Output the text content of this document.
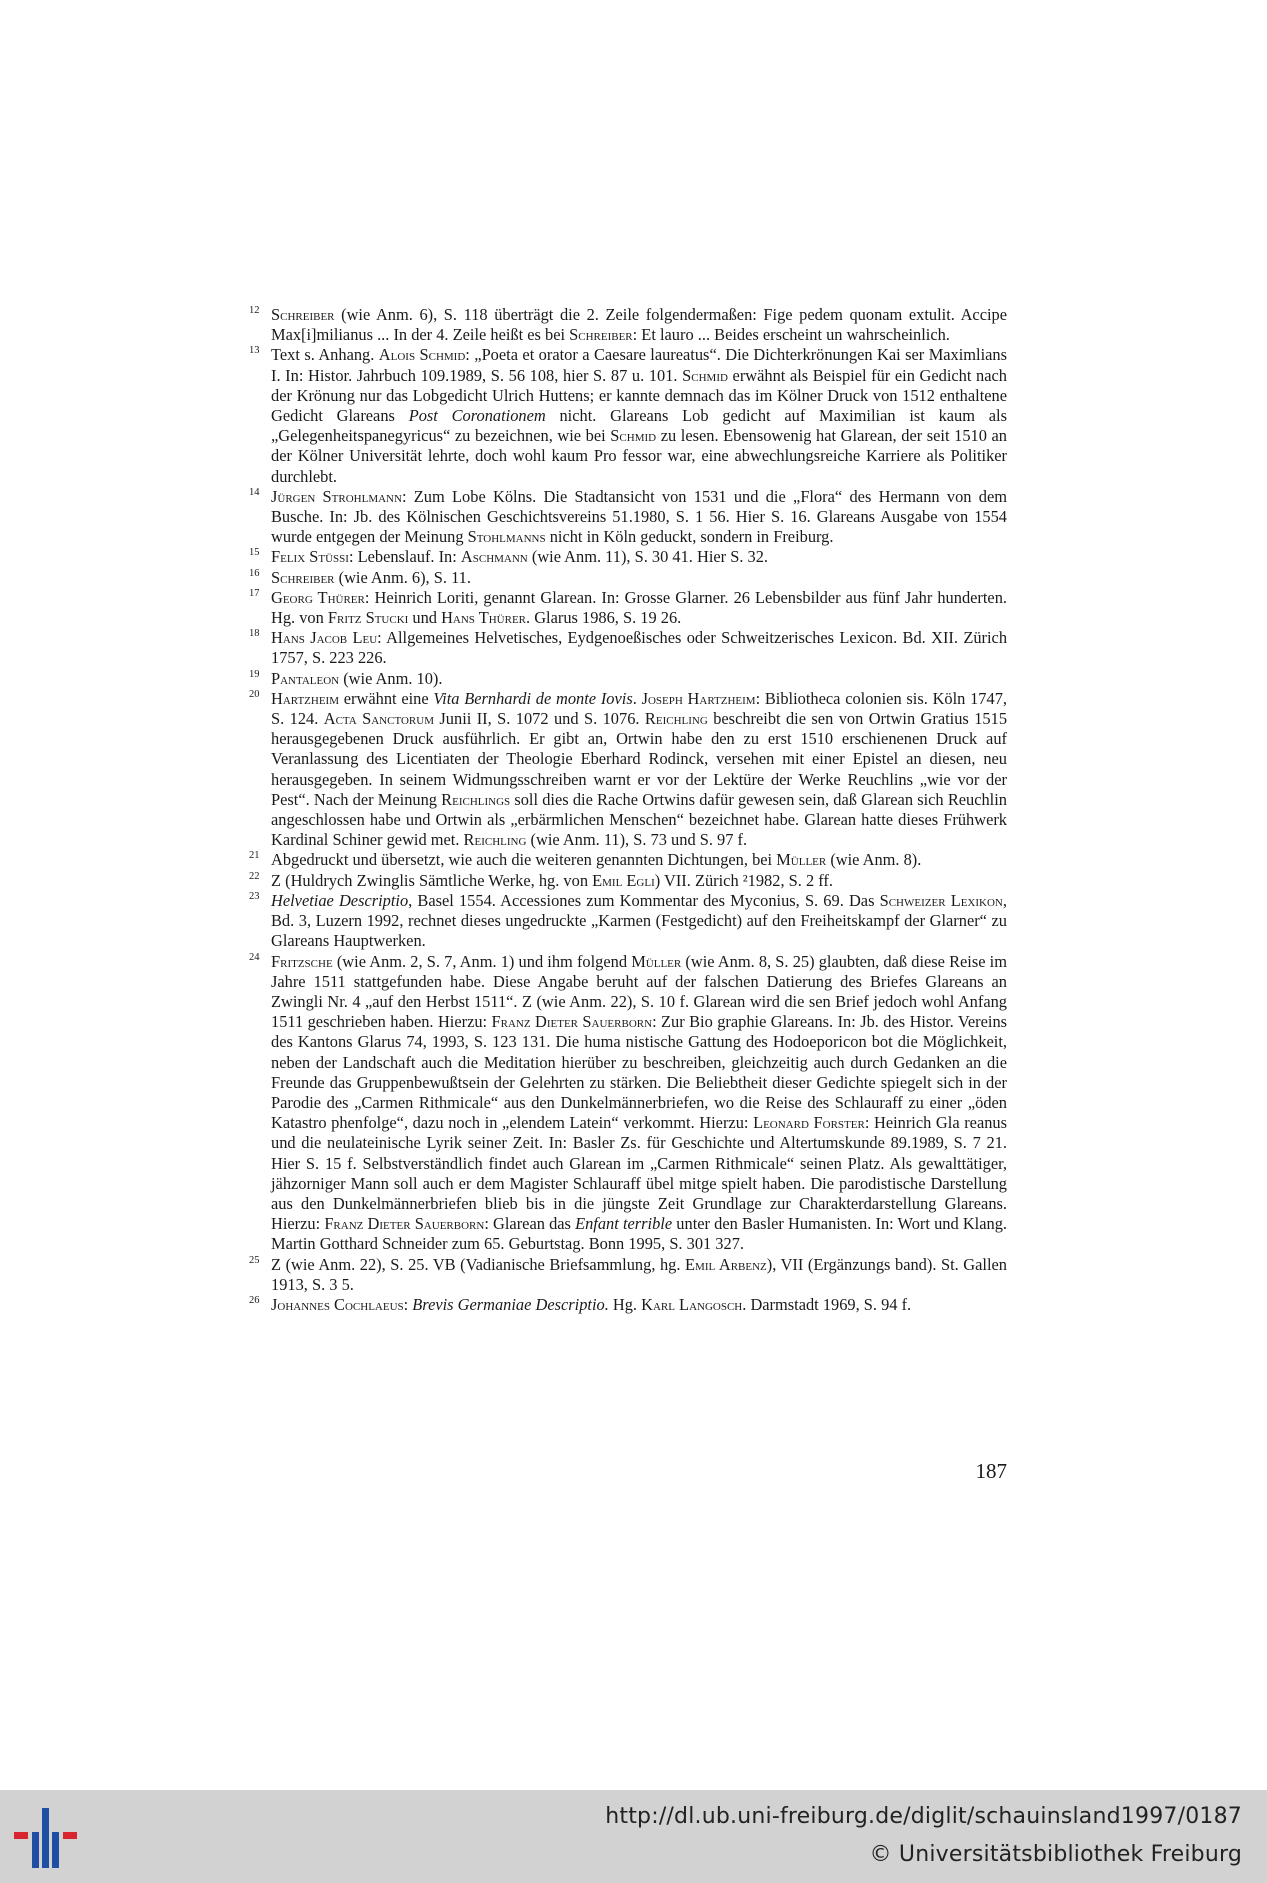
12 Schreiber (wie Anm. 6), S. 118 überträgt die 2. Zeile folgendermaßen: Fige pedem quonam extulit. Accipe Max[i]milianus ... In der 4. Zeile heißt es bei Schreiber: Et lauro ... Beides erscheint un wahrscheinlich.
13 Text s. Anhang. Alois Schmid: „Poeta et orator a Caesare laureatus“. Die Dichterkrönungen Kai ser Maximlians I. In: Histor. Jahrbuch 109.1989, S. 56 108, hier S. 87 u. 101. Schmid erwähnt als Beispiel für ein Gedicht nach der Krönung nur das Lobgedicht Ulrich Huttens; er kannte demnach das im Kölner Druck von 1512 enthaltene Gedicht Glareans Post Coronationem nicht. Glareans Lob gedicht auf Maximilian ist kaum als „Gelegenheitspanegyricus“ zu bezeichnen, wie bei Schmid zu lesen. Ebensowenig hat Glarean, der seit 1510 an der Kölner Universität lehrte, doch wohl kaum Pro fessor war, eine abwechlungsreiche Karriere als Politiker durchlebt.
14 Jürgen Strohlmann: Zum Lobe Kölns. Die Stadtansicht von 1531 und die „Flora“ des Hermann von dem Busche. In: Jb. des Kölnischen Geschichtsvereins 51.1980, S. 1 56. Hier S. 16. Glareans Ausgabe von 1554 wurde entgegen der Meinung Stohlmanns nicht in Köln geduckt, sondern in Freiburg.
15 Felix Stüssi: Lebenslauf. In: Aschmann (wie Anm. 11), S. 30 41. Hier S. 32.
16 Schreiber (wie Anm. 6), S. 11.
17 Georg Thürer: Heinrich Loriti, genannt Glarean. In: Grosse Glarner. 26 Lebensbilder aus fünf Jahr hunderten. Hg. von Fritz Stucki und Hans Thürer. Glarus 1986, S. 19 26.
18 Hans Jacob Leu: Allgemeines Helvetisches, Eydgenoeßisches oder Schweitzerisches Lexicon. Bd. XII. Zürich 1757, S. 223 226.
19 Pantaleon (wie Anm. 10).
20 Hartzheim erwähnt eine Vita Bernhardi de monte Iovis. Joseph Hartzheim: Bibliotheca colonien sis. Köln 1747, S. 124. Acta Sanctorum Junii II, S. 1072 und S. 1076. Reichling beschreibt die sen von Ortwin Gratius 1515 herausgegebenen Druck ausführlich. Er gibt an, Ortwin habe den zu erst 1510 erschienenen Druck auf Veranlassung des Licentiaten der Theologie Eberhard Rodinck, versehen mit einer Epistel an diesen, neu herausgegeben. In seinem Widmungsschreiben warnt er vor der Lektüre der Werke Reuchlins „wie vor der Pest“. Nach der Meinung Reichlings soll dies die Rache Ortwins dafür gewesen sein, daß Glarean sich Reuchlin angeschlossen habe und Ortwin als „erbärmlichen Menschen“ bezeichnet habe. Glarean hatte dieses Frühwerk Kardinal Schiner gewid met. Reichling (wie Anm. 11), S. 73 und S. 97 f.
21 Abgedruckt und übersetzt, wie auch die weiteren genannten Dichtungen, bei Müller (wie Anm. 8).
22 Z (Huldrych Zwinglis Sämtliche Werke, hg. von Emil Egli) VII. Zürich ²1982, S. 2 ff.
23 Helvetiae Descriptio, Basel 1554. Accessiones zum Kommentar des Myconius, S. 69. Das Schweizer Lexikon, Bd. 3, Luzern 1992, rechnet dieses ungedruckte „Karmen (Festgedicht) auf den Freiheitskampf der Glarner“ zu Glareans Hauptwerken.
24 Fritzsche (wie Anm. 2, S. 7, Anm. 1) und ihm folgend Müller (wie Anm. 8, S. 25) glaubten, daß diese Reise im Jahre 1511 stattgefunden habe. Diese Angabe beruht auf der falschen Datierung des Briefes Glareans an Zwingli Nr. 4 „auf den Herbst 1511“. Z (wie Anm. 22), S. 10 f. Glarean wird die sen Brief jedoch wohl Anfang 1511 geschrieben haben. Hierzu: Franz Dieter Sauerborn: Zur Bio graphie Glareans. In: Jb. des Histor. Vereins des Kantons Glarus 74, 1993, S. 123 131. Die huma nistische Gattung des Hodoeporicon bot die Möglichkeit, neben der Landschaft auch die Meditation hierüber zu beschreiben, gleichzeitig auch durch Gedanken an die Freunde das Gruppenbewußtsein der Gelehrten zu stärken. Die Beliebtheit dieser Gedichte spiegelt sich in der Parodie des „Carmen Rithmicale“ aus den Dunkelmännerbriefen, wo die Reise des Schlauraff zu einer „öden Katastro phenfolge“, dazu noch in „elendem Latein“ verkommt. Hierzu: Leonard Forster: Heinrich Gla reanus und die neulateinische Lyrik seiner Zeit. In: Basler Zs. für Geschichte und Altertumskunde 89.1989, S. 7 21. Hier S. 15 f. Selbstverständlich findet auch Glarean im „Carmen Rithmicale“ seinen Platz. Als gewalttätiger, jähzorniger Mann soll auch er dem Magister Schlauraff übel mitge spielt haben. Die parodistische Darstellung aus den Dunkelmännerbriefen blieb bis in die jüngste Zeit Grundlage zur Charakterdarstellung Glareans. Hierzu: Franz Dieter Sauerborn: Glarean das Enfant terrible unter den Basler Humanisten. In: Wort und Klang. Martin Gotthard Schneider zum 65. Geburtstag. Bonn 1995, S. 301 327.
25 Z (wie Anm. 22), S. 25. VB (Vadianische Briefsammlung, hg. Emil Arbenz), VII (Ergänzungs band). St. Gallen 1913, S. 3 5.
26 Johannes Cochlaeus: Brevis Germaniae Descriptio. Hg. Karl Langosch. Darmstadt 1969, S. 94 f.
187
http://dl.ub.uni-freiburg.de/diglit/schauinsland1997/0187
© Universitätsbibliothek Freiburg
